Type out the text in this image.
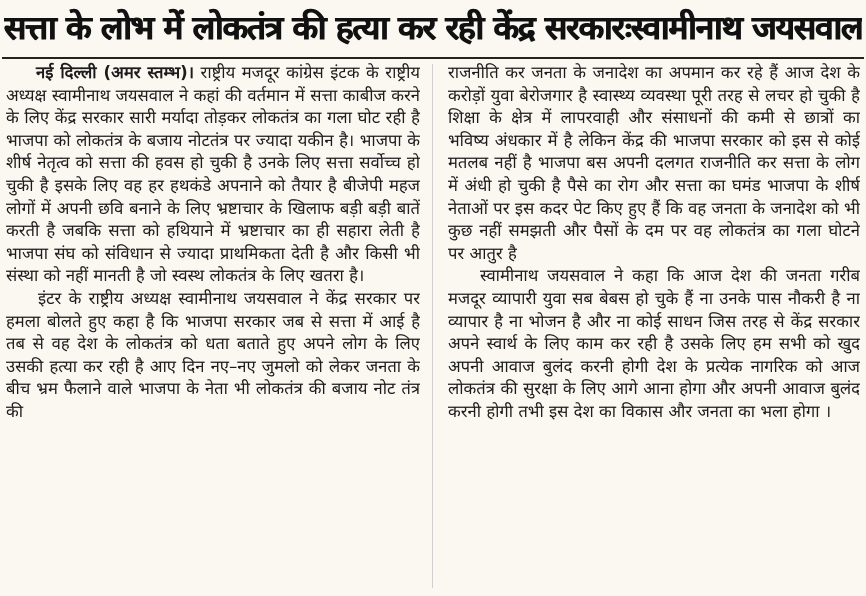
सत्ता के लोभ में लोकतंत्र की हत्या कर रही केंद्र सरकारःस्वामीनाथ जयसवाल

नई दिल्ली (अमर स्तम्भ)। राष्ट्रीय मजदूर कांग्रेस इंटक के राष्ट्रीय अध्यक्ष स्वामीनाथ जयसवाल ने कहां की वर्तमान में सत्ता काबीज करने के लिए केंद्र सरकार सारी मर्यादा तोड़कर लोकतंत्र का गला घोट रही है भाजपा को लोकतंत्र के बजाय नोटतंत्र पर ज्यादा यकीन है। भाजपा के शीर्ष नेतृत्व को सत्ता की हवस हो चुकी है उनके लिए सत्ता सर्वोच्च हो चुकी है इसके लिए वह हर हथकंडे अपनाने को तैयार है बीजेपी महज लोगों में अपनी छवि बनाने के लिए भ्रष्टाचार के खिलाफ बड़ी बड़ी बातें करती है जबकि सत्ता को हथियाने में भ्रष्टाचार का ही सहारा लेती है भाजपा संघ को संविधान से ज्यादा प्राथमिकता देती है और किसी भी संस्था को नहीं मानती है जो स्वस्थ लोकतंत्र के लिए खतरा है।

इंटर के राष्ट्रीय अध्यक्ष स्वामीनाथ जयसवाल ने केंद्र सरकार पर हमला बोलते हुए कहा है कि भाजपा सरकार जब से सत्ता में आई है तब से वह देश के लोकतंत्र को धता बताते हुए अपने लोग के लिए उसकी हत्या कर रही है आए दिन नए–नए जुमलो को लेकर जनता के बीच भ्रम फैलाने वाले भाजपा के नेता भी लोकतंत्र की बजाय नोट तंत्र की

राजनीति कर जनता के जनादेश का अपमान कर रहे हैं आज देश के करोड़ों युवा बेरोजगार है स्वास्थ्य व्यवस्था पूरी तरह से लचर हो चुकी है शिक्षा के क्षेत्र में लापरवाही और संसाधनों की कमी से छात्रों का भविष्य अंधकार में है लेकिन केंद्र की भाजपा सरकार को इस से कोई मतलब नहीं है भाजपा बस अपनी दलगत राजनीति कर सत्ता के लोग में अंधी हो चुकी है पैसे का रोग और सत्ता का घमंड भाजपा के शीर्ष नेताओं पर इस कदर पेट किए हुए हैं कि वह जनता के जनादेश को भी कुछ नहीं समझती और पैसों के दम पर वह लोकतंत्र का गला घोटने पर आतुर है

स्वामीनाथ जयसवाल ने कहा कि आज देश की जनता गरीब मजदूर व्यापारी युवा सब बेबस हो चुके हैं ना उनके पास नौकरी है ना व्यापार है ना भोजन है और ना कोई साधन जिस तरह से केंद्र सरकार अपने स्वार्थ के लिए काम कर रही है उसके लिए हम सभी को खुद अपनी आवाज बुलंद करनी होगी देश के प्रत्येक नागरिक को आज लोकतंत्र की सुरक्षा के लिए आगे आना होगा और अपनी आवाज बुलंद करनी होगी तभी इस देश का विकास और जनता का भला होगा ।
